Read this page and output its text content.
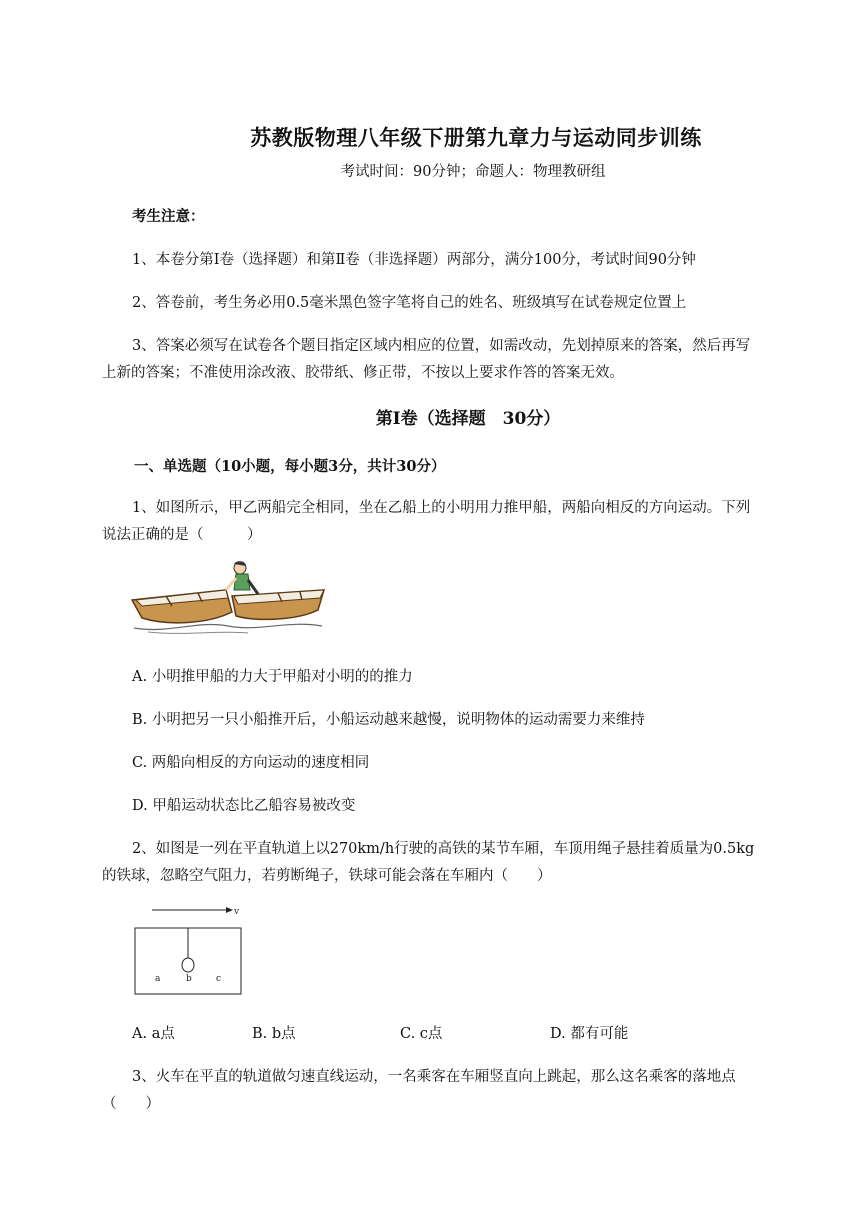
苏教版物理八年级下册第九章力与运动同步训练
考试时间：90分钟；命题人：物理教研组
考生注意：
1、本卷分第Ⅰ卷（选择题）和第Ⅱ卷（非选择题）两部分，满分100分，考试时间90分钟
2、答卷前，考生务必用0.5毫米黑色签字笔将自己的姓名、班级填写在试卷规定位置上
3、答案必须写在试卷各个题目指定区域内相应的位置，如需改动，先划掉原来的答案，然后再写
上新的答案；不准使用涂改液、胶带纸、修正带，不按以上要求作答的答案无效。
第Ⅰ卷（选择题　30分）
一、单选题（10小题，每小题3分，共计30分）
1、如图所示，甲乙两船完全相同，坐在乙船上的小明用力推甲船，两船向相反的方向运动。下列
说法正确的是（　　　）
A. 小明推甲船的力大于甲船对小明的的推力
B. 小明把另一只小船推开后，小船运动越来越慢，说明物体的运动需要力来维持
C. 两船向相反的方向运动的速度相同
D. 甲船运动状态比乙船容易被改变
2、如图是一列在平直轨道上以270km/h行驶的高铁的某节车厢，车顶用绳子悬挂着质量为0.5kg
的铁球，忽略空气阻力，若剪断绳子，铁球可能会落在车厢内（　　）
v
a	b	c
A. a点	B. b点	C. c点	D. 都有可能
3、火车在平直的轨道做匀速直线运动，一名乘客在车厢竖直向上跳起，那么这名乘客的落地点
（　　）
